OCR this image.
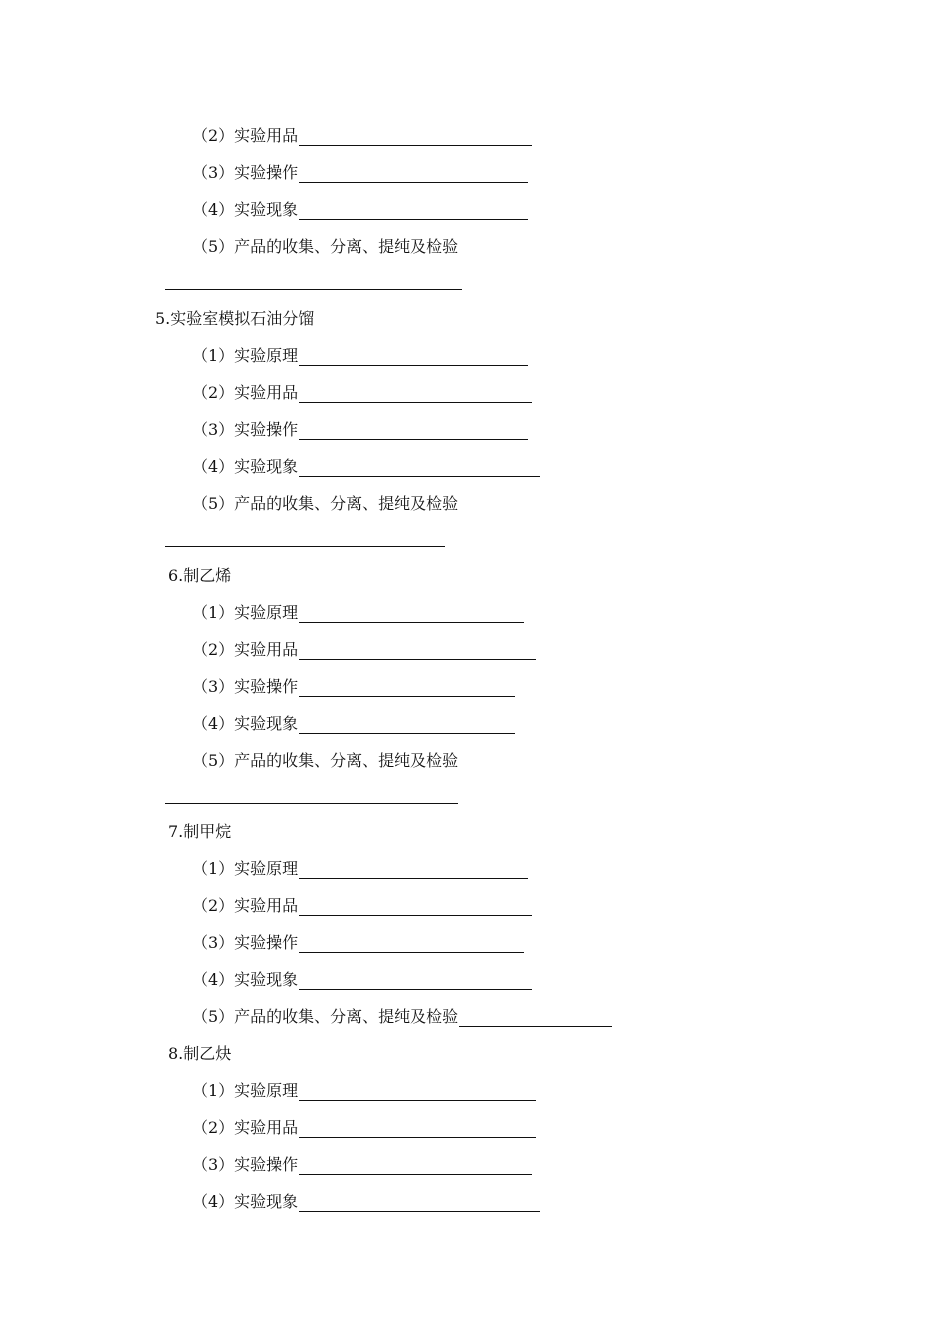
（2）实验用品
（3）实验操作
（4）实验现象
（5）产品的收集、分离、提纯及检验
5.实验室模拟石油分馏
（1）实验原理
（2）实验用品
（3）实验操作
（4）实验现象
（5）产品的收集、分离、提纯及检验
6.制乙烯
（1）实验原理
（2）实验用品
（3）实验操作
（4）实验现象
（5）产品的收集、分离、提纯及检验
7.制甲烷
（1）实验原理
（2）实验用品
（3）实验操作
（4）实验现象
（5）产品的收集、分离、提纯及检验
8.制乙炔
（1）实验原理
（2）实验用品
（3）实验操作
（4）实验现象
